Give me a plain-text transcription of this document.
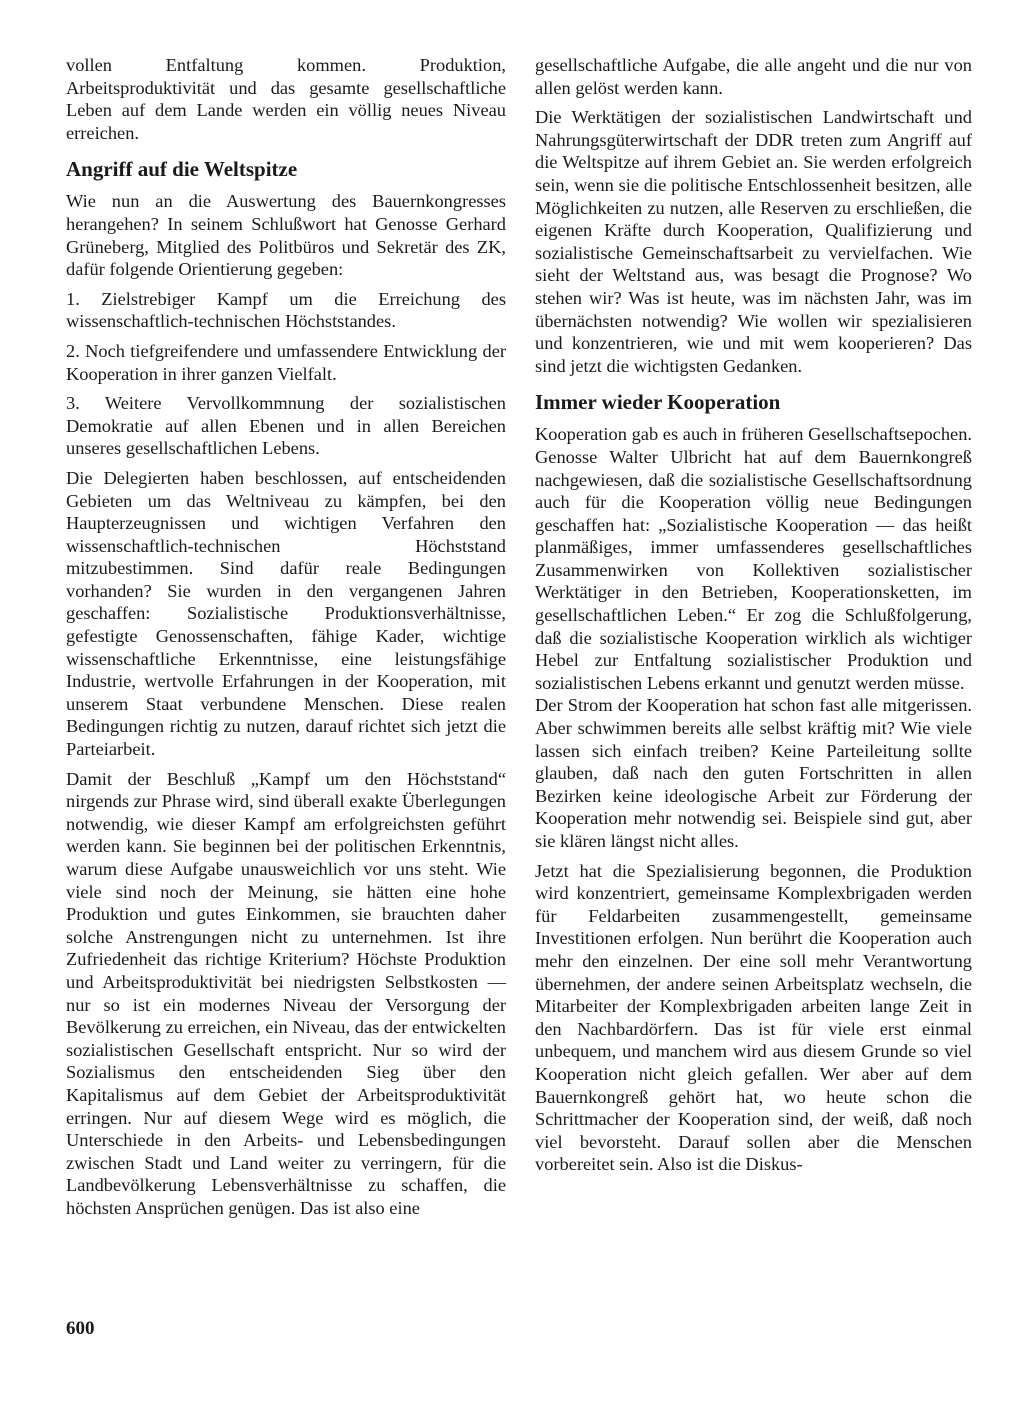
vollen Entfaltung kommen. Produktion, Arbeitsproduktivität und das gesamte gesellschaftliche Leben auf dem Lande werden ein völlig neues Niveau erreichen.

Angriff auf die Weltspitze

Wie nun an die Auswertung des Bauernkongresses herangehen? In seinem Schlußwort hat Genosse Gerhard Grüneberg, Mitglied des Politbüros und Sekretär des ZK, dafür folgende Orientierung gegeben:

1. Zielstrebiger Kampf um die Erreichung des wissenschaftlich-technischen Höchststandes.

2. Noch tiefgreifendere und umfassendere Entwicklung der Kooperation in ihrer ganzen Vielfalt.

3. Weitere Vervollkommnung der sozialistischen Demokratie auf allen Ebenen und in allen Bereichen unseres gesellschaftlichen Lebens.

Die Delegierten haben beschlossen, auf entscheidenden Gebieten um das Weltniveau zu kämpfen, bei den Haupterzeugnissen und wichtigen Verfahren den wissenschaftlich-technischen Höchststand mitzubestimmen. Sind dafür reale Bedingungen vorhanden? Sie wurden in den vergangenen Jahren geschaffen: Sozialistische Produktionsverhältnisse, gefestigte Genossenschaften, fähige Kader, wichtige wissenschaftliche Erkenntnisse, eine leistungsfähige Industrie, wertvolle Erfahrungen in der Kooperation, mit unserem Staat verbundene Menschen. Diese realen Bedingungen richtig zu nutzen, darauf richtet sich jetzt die Parteiarbeit.

Damit der Beschluß „Kampf um den Höchststand“ nirgends zur Phrase wird, sind überall exakte Überlegungen notwendig, wie dieser Kampf am erfolgreichsten geführt werden kann. Sie beginnen bei der politischen Erkenntnis, warum diese Aufgabe unausweichlich vor uns steht. Wie viele sind noch der Meinung, sie hätten eine hohe Produktion und gutes Einkommen, sie brauchten daher solche Anstrengungen nicht zu unternehmen. Ist ihre Zufriedenheit das richtige Kriterium? Höchste Produktion und Arbeitsproduktivität bei niedrigsten Selbstkosten — nur so ist ein modernes Niveau der Versorgung der Bevölkerung zu erreichen, ein Niveau, das der entwickelten sozialistischen Gesellschaft entspricht. Nur so wird der Sozialismus den entscheidenden Sieg über den Kapitalismus auf dem Gebiet der Arbeitsproduktivität erringen. Nur auf diesem Wege wird es möglich, die Unterschiede in den Arbeits- und Lebensbedingungen zwischen Stadt und Land weiter zu verringern, für die Landbevölkerung Lebensverhältnisse zu schaffen, die höchsten Ansprüchen genügen. Das ist also eine

gesellschaftliche Aufgabe, die alle angeht und die nur von allen gelöst werden kann.

Die Werktätigen der sozialistischen Landwirtschaft und Nahrungsgüterwirtschaft der DDR treten zum Angriff auf die Weltspitze auf ihrem Gebiet an. Sie werden erfolgreich sein, wenn sie die politische Entschlossenheit besitzen, alle Möglichkeiten zu nutzen, alle Reserven zu erschließen, die eigenen Kräfte durch Kooperation, Qualifizierung und sozialistische Gemeinschaftsarbeit zu vervielfachen. Wie sieht der Weltstand aus, was besagt die Prognose? Wo stehen wir? Was ist heute, was im nächsten Jahr, was im übernächsten notwendig? Wie wollen wir spezialisieren und konzentrieren, wie und mit wem kooperieren? Das sind jetzt die wichtigsten Gedanken.

Immer wieder Kooperation

Kooperation gab es auch in früheren Gesellschaftsepochen. Genosse Walter Ulbricht hat auf dem Bauernkongreß nachgewiesen, daß die sozialistische Gesellschaftsordnung auch für die Kooperation völlig neue Bedingungen geschaffen hat: „Sozialistische Kooperation — das heißt planmäßiges, immer umfassenderes gesellschaftliches Zusammenwirken von Kollektiven sozialistischer Werktätiger in den Betrieben, Kooperationsketten, im gesellschaftlichen Leben.“ Er zog die Schlußfolgerung, daß die sozialistische Kooperation wirklich als wichtiger Hebel zur Entfaltung sozialistischer Produktion und sozialistischen Lebens erkannt und genutzt werden müsse.

Der Strom der Kooperation hat schon fast alle mitgerissen. Aber schwimmen bereits alle selbst kräftig mit? Wie viele lassen sich einfach treiben? Keine Parteileitung sollte glauben, daß nach den guten Fortschritten in allen Bezirken keine ideologische Arbeit zur Förderung der Kooperation mehr notwendig sei. Beispiele sind gut, aber sie klären längst nicht alles.

Jetzt hat die Spezialisierung begonnen, die Produktion wird konzentriert, gemeinsame Komplexbrigaden werden für Feldarbeiten zusammengestellt, gemeinsame Investitionen erfolgen. Nun berührt die Kooperation auch mehr den einzelnen. Der eine soll mehr Verantwortung übernehmen, der andere seinen Arbeitsplatz wechseln, die Mitarbeiter der Komplexbrigaden arbeiten lange Zeit in den Nachbardörfern. Das ist für viele erst einmal unbequem, und manchem wird aus diesem Grunde so viel Kooperation nicht gleich gefallen. Wer aber auf dem Bauernkongreß gehört hat, wo heute schon die Schrittmacher der Kooperation sind, der weiß, daß noch viel bevorsteht. Darauf sollen aber die Menschen vorbereitet sein. Also ist die Diskus-

600
